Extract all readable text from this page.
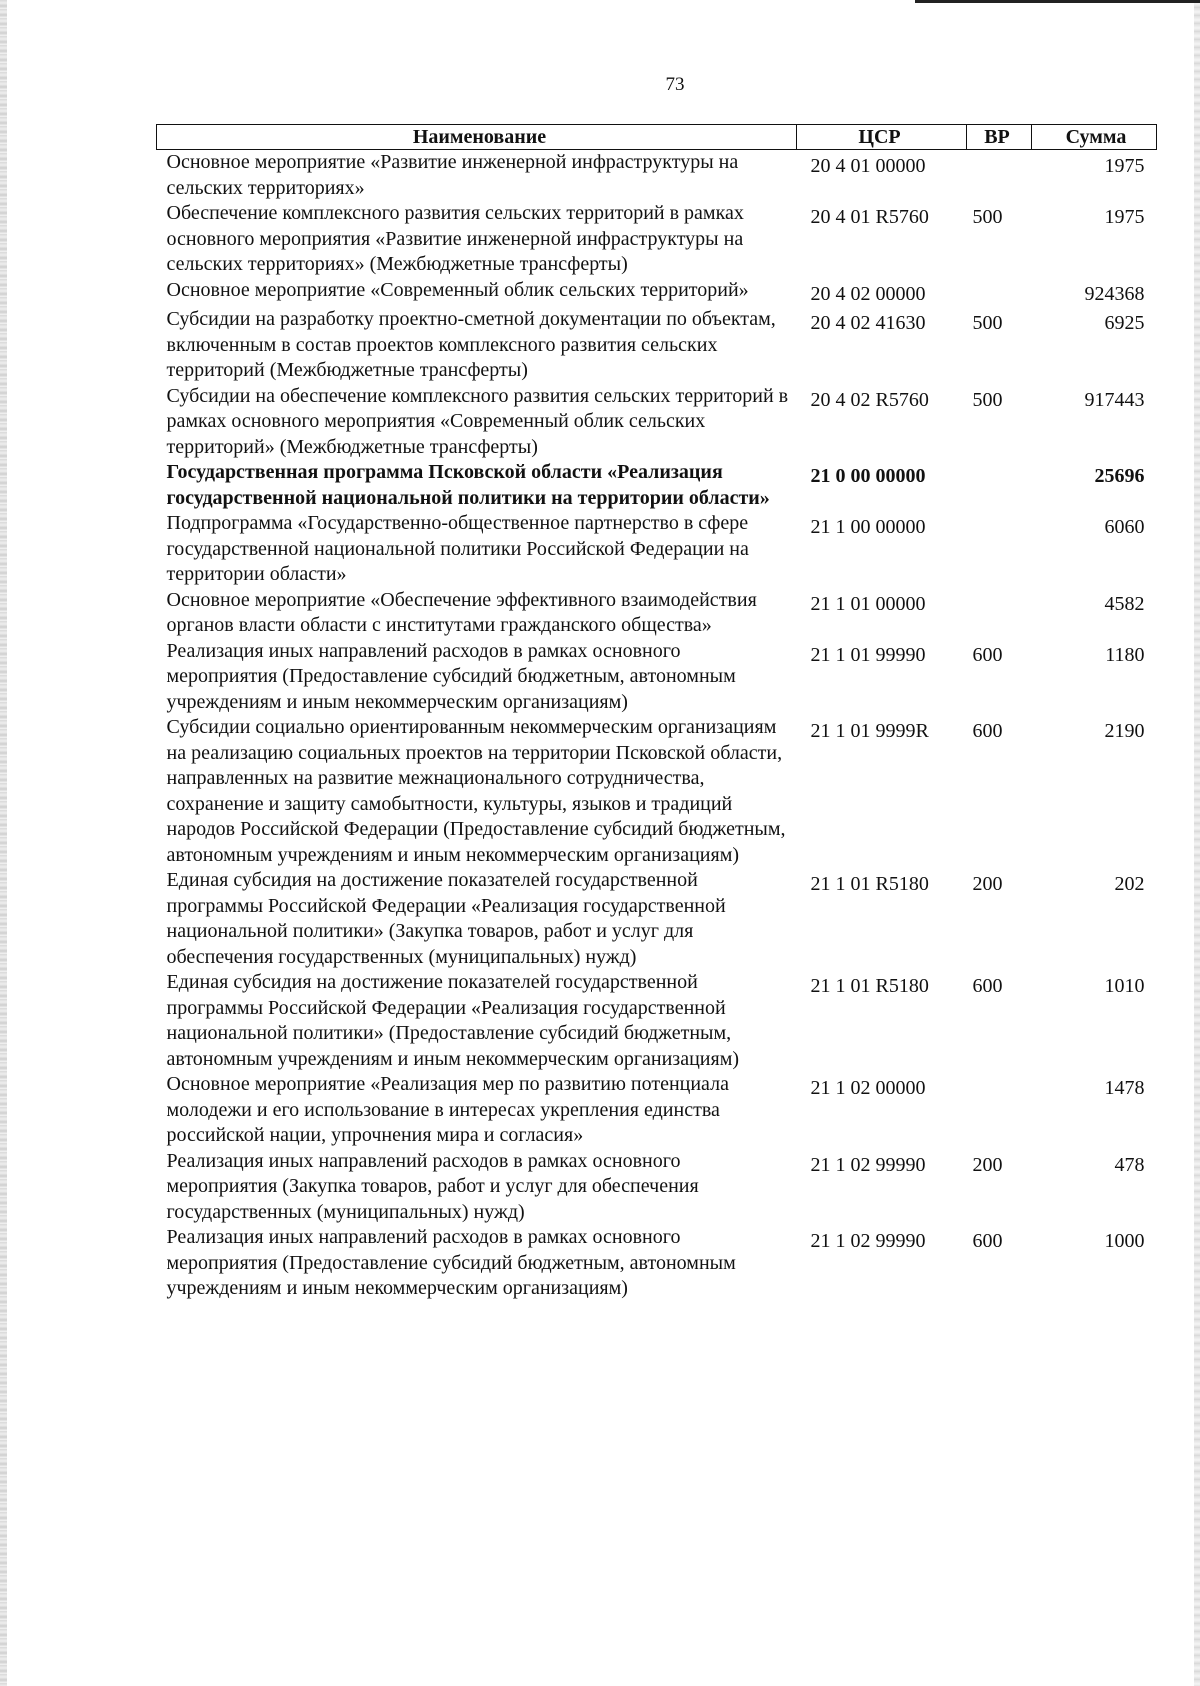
73
Наименование	ЦСР	ВР	Сумма
Основное мероприятие «Развитие инженерной инфраструктуры на сельских территориях»	20 4 01 00000		1975
Обеспечение комплексного развития сельских территорий в рамках основного мероприятия «Развитие инженерной инфраструктуры на сельских территориях» (Межбюджетные трансферты)	20 4 01 R5760	500	1975
Основное мероприятие «Современный облик сельских территорий»	20 4 02 00000		924368
Субсидии на разработку проектно-сметной документации по объектам, включенным в состав проектов комплексного развития сельских территорий (Межбюджетные трансферты)	20 4 02 41630	500	6925
Субсидии на обеспечение комплексного развития сельских территорий в рамках основного мероприятия «Современный облик сельских территорий» (Межбюджетные трансферты)	20 4 02 R5760	500	917443
Государственная программа Псковской области «Реализация государственной национальной политики на территории области»	21 0 00 00000		25696
Подпрограмма «Государственно-общественное партнерство в сфере государственной национальной политики Российской Федерации на территории области»	21 1 00 00000		6060
Основное мероприятие «Обеспечение эффективного взаимодействия органов власти области с институтами гражданского общества»	21 1 01 00000		4582
Реализация иных направлений расходов в рамках основного мероприятия (Предоставление субсидий бюджетным, автономным учреждениям и иным некоммерческим организациям)	21 1 01 99990	600	1180
Субсидии социально ориентированным некоммерческим организациям на реализацию социальных проектов на территории Псковской области, направленных на развитие межнационального сотрудничества, сохранение и защиту самобытности, культуры, языков и традиций народов Российской Федерации (Предоставление субсидий бюджетным, автономным учреждениям и иным некоммерческим организациям)	21 1 01 9999R	600	2190
Единая субсидия на достижение показателей государственной программы Российской Федерации «Реализация государственной национальной политики» (Закупка товаров, работ и услуг для обеспечения государственных (муниципальных) нужд)	21 1 01 R5180	200	202
Единая субсидия на достижение показателей государственной программы Российской Федерации «Реализация государственной национальной политики» (Предоставление субсидий бюджетным, автономным учреждениям и иным некоммерческим организациям)	21 1 01 R5180	600	1010
Основное мероприятие «Реализация мер по развитию потенциала молодежи и его использование в интересах укрепления единства российской нации, упрочнения мира и согласия»	21 1 02 00000		1478
Реализация иных направлений расходов в рамках основного мероприятия (Закупка товаров, работ и услуг для обеспечения государственных (муниципальных) нужд)	21 1 02 99990	200	478
Реализация иных направлений расходов в рамках основного мероприятия (Предоставление субсидий бюджетным, автономным учреждениям и иным некоммерческим организациям)	21 1 02 99990	600	1000
